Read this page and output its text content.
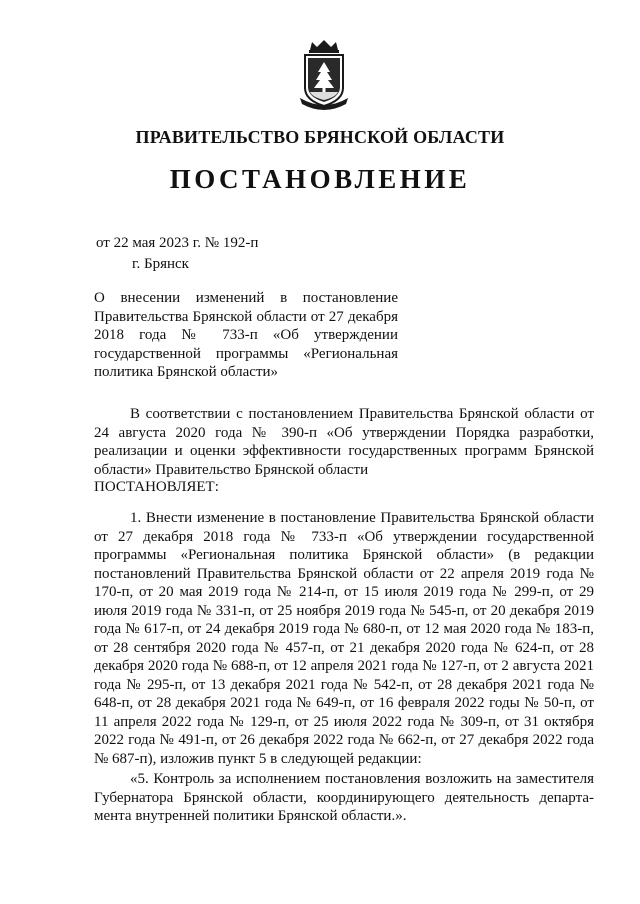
ПРАВИТЕЛЬСТВО БРЯНСКОЙ ОБЛАСТИ
ПОСТАНОВЛЕНИЕ
от 22 мая 2023 г. № 192-п
г. Брянск
О внесении изменений в постановление
Правительства Брянской области от 27 декабря
2018 года № 733-п «Об утверждении
государственной программы «Региональная
политика Брянской области»
В соответствии с постановлением Правительства Брянской области от 24 августа 2020 года № 390-п «Об утверждении Порядка разработки, реализации и оценки эффективности государственных программ Брянской области» Правительство Брянской области
ПОСТАНОВЛЯЕТ:
1. Внести изменение в постановление Правительства Брянской области от 27 декабря 2018 года № 733-п «Об утверждении государственной программы «Региональная политика Брянской области» (в редакции постановлений Правительства Брянской области от 22 апреля 2019 года № 170-п, от 20 мая 2019 года № 214-п, от 15 июля 2019 года № 299-п, от 29 июля 2019 года № 331-п, от 25 ноября 2019 года № 545-п, от 20 декабря 2019 года № 617-п, от 24 декабря 2019 года № 680-п, от 12 мая 2020 года № 183-п, от 28 сентября 2020 года № 457-п, от 21 декабря 2020 года № 624-п, от 28 декабря 2020 года № 688-п, от 12 апреля 2021 года № 127-п, от 2 августа 2021 года № 295-п, от 13 декабря 2021 года № 542-п, от 28 декабря 2021 года № 648-п, от 28 декабря 2021 года № 649-п, от 16 февраля 2022 годы № 50-п, от 11 апреля 2022 года № 129-п, от 25 июля 2022 года № 309-п, от 31 октября 2022 года № 491-п, от 26 декабря 2022 года № 662-п, от 27 декабря 2022 года № 687-п), изложив пункт 5 в следующей редакции:
«5. Контроль за исполнением постановления возложить на заместителя Губернатора Брянской области, координирующего деятельность департа-мента внутренней политики Брянской области.».
